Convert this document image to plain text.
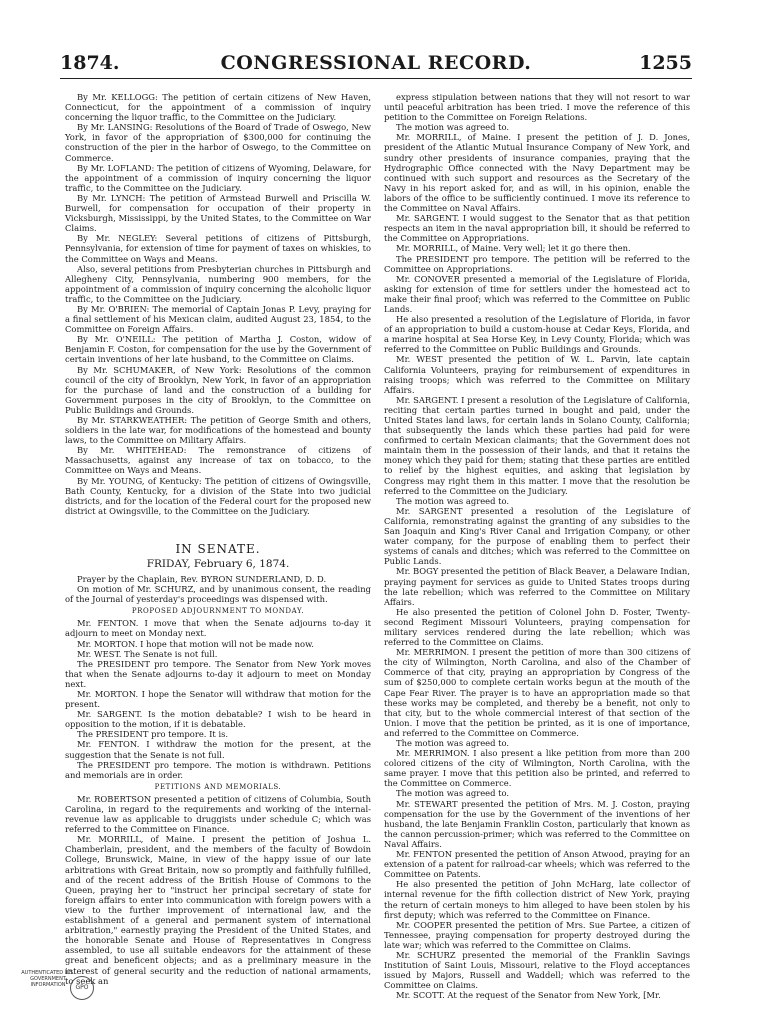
1874.	CONGRESSIONAL RECORD.	1255

By Mr. KELLOGG: The petition of certain citizens of New Haven, Connecticut, for the appointment of a commission of inquiry concerning the liquor traffic, to the Committee on the Judiciary.

By Mr. LANSING: Resolutions of the Board of Trade of Oswego, New York, in favor of the appropriation of $300,000 for continuing the construction of the pier in the harbor of Oswego, to the Committee on Commerce.

By Mr. LOFLAND: The petition of citizens of Wyoming, Delaware, for the appointment of a commission of inquiry concerning the liquor traffic, to the Committee on the Judiciary.

By Mr. LYNCH: The petition of Armstead Burwell and Priscilla W. Burwell, for compensation for occupation of their property in Vicksburgh, Mississippi, by the United States, to the Committee on War Claims.

By Mr. NEGLEY: Several petitions of citizens of Pittsburgh, Pennsylvania, for extension of time for payment of taxes on whiskies, to the Committee on Ways and Means.

Also, several petitions from Presbyterian churches in Pittsburgh and Allegheny City, Pennsylvania, numbering 900 members, for the appointment of a commission of inquiry concerning the alcoholic liquor traffic, to the Committee on the Judiciary.

By Mr. O'BRIEN: The memorial of Captain Jonas P. Levy, praying for a final settlement of his Mexican claim, audited August 23, 1854, to the Committee on Foreign Affairs.

By Mr. O'NEILL: The petition of Martha J. Coston, widow of Benjamin F. Coston, for compensation for the use by the Government of certain inventions of her late husband, to the Committee on Claims.

By Mr. SCHUMAKER, of New York: Resolutions of the common council of the city of Brooklyn, New York, in favor of an appropriation for the purchase of land and the construction of a building for Government purposes in the city of Brooklyn, to the Committee on Public Buildings and Grounds.

By Mr. STARKWEATHER: The petition of George Smith and others, soldiers in the late war, for modifications of the homestead and bounty laws, to the Committee on Military Affairs.

By Mr. WHITEHEAD: The remonstrance of citizens of Massachusetts, against any increase of tax on tobacco, to the Committee on Ways and Means.

By Mr. YOUNG, of Kentucky: The petition of citizens of Owingsville, Bath County, Kentucky, for a division of the State into two judicial districts, and for the location of the Federal court for the proposed new district at Owingsville, to the Committee on the Judiciary.

IN SENATE.

FRIDAY, February 6, 1874.

Prayer by the Chaplain, Rev. BYRON SUNDERLAND, D. D.

On motion of Mr. SCHURZ, and by unanimous consent, the reading of the Journal of yesterday's proceedings was dispensed with.

PROPOSED ADJOURNMENT TO MONDAY.

Mr. FENTON. I move that when the Senate adjourns to-day it adjourn to meet on Monday next.

Mr. MORTON. I hope that motion will not be made now.

Mr. WEST. The Senate is not full.

The PRESIDENT pro tempore. The Senator from New York moves that when the Senate adjourns to-day it adjourn to meet on Monday next.

Mr. MORTON. I hope the Senator will withdraw that motion for the present.

Mr. SARGENT. Is the motion debatable? I wish to be heard in opposition to the motion, if it is debatable.

The PRESIDENT pro tempore. It is.

Mr. FENTON. I withdraw the motion for the present, at the suggestion that the Senate is not full.

The PRESIDENT pro tempore. The motion is withdrawn. Petitions and memorials are in order.

PETITIONS AND MEMORIALS.

Mr. ROBERTSON presented a petition of citizens of Columbia, South Carolina, in regard to the requirements and working of the internal-revenue law as applicable to druggists under schedule C; which was referred to the Committee on Finance.

Mr. MORRILL, of Maine. I present the petition of Joshua L. Chamberlain, president, and the members of the faculty of Bowdoin College, Brunswick, Maine, in view of the happy issue of our late arbitrations with Great Britain, now so promptly and faithfully fulfilled, and of the recent address of the British House of Commons to the Queen, praying her to "instruct her principal secretary of state for foreign affairs to enter into communication with foreign powers with a view to the further improvement of international law, and the establishment of a general and permanent system of international arbitration," earnestly praying the President of the United States, and the honorable Senate and House of Representatives in Congress assembled, to use all suitable endeavors for the attainment of these great and beneficent objects; and as a preliminary measure in the interest of general security and the reduction of national armaments, to seek an

express stipulation between nations that they will not resort to war until peaceful arbitration has been tried. I move the reference of this petition to the Committee on Foreign Relations.

The motion was agreed to.

Mr. MORRILL, of Maine. I present the petition of J. D. Jones, president of the Atlantic Mutual Insurance Company of New York, and sundry other presidents of insurance companies, praying that the Hydrographic Office connected with the Navy Department may be continued with such support and resources as the Secretary of the Navy in his report asked for, and as will, in his opinion, enable the labors of the office to be sufficiently continued. I move its reference to the Committee on Naval Affairs.

Mr. SARGENT. I would suggest to the Senator that as that petition respects an item in the naval appropriation bill, it should be referred to the Committee on Appropriations.

Mr. MORRILL, of Maine. Very well; let it go there then.

The PRESIDENT pro tempore. The petition will be referred to the Committee on Appropriations.

Mr. CONOVER presented a memorial of the Legislature of Florida, asking for extension of time for settlers under the homestead act to make their final proof; which was referred to the Committee on Public Lands.

He also presented a resolution of the Legislature of Florida, in favor of an appropriation to build a custom-house at Cedar Keys, Florida, and a marine hospital at Sea Horse Key, in Levy County, Florida; which was referred to the Committee on Public Buildings and Grounds.

Mr. WEST presented the petition of W. L. Parvin, late captain California Volunteers, praying for reimbursement of expenditures in raising troops; which was referred to the Committee on Military Affairs.

Mr. SARGENT. I present a resolution of the Legislature of California, reciting that certain parties turned in bought and paid, under the United States land laws, for certain lands in Solano County, California; that subsequently the lands which these parties had paid for were confirmed to certain Mexican claimants; that the Government does not maintain them in the possession of their lands, and that it retains the money which they paid for them; stating that these parties are entitled to relief by the highest equities, and asking that legislation by Congress may right them in this matter. I move that the resolution be referred to the Committee on the Judiciary.

The motion was agreed to.

Mr. SARGENT presented a resolution of the Legislature of California, remonstrating against the granting of any subsidies to the San Joaquin and King's River Canal and Irrigation Company, or other water company, for the purpose of enabling them to perfect their systems of canals and ditches; which was referred to the Committee on Public Lands.

Mr. BOGY presented the petition of Black Beaver, a Delaware Indian, praying payment for services as guide to United States troops during the late rebellion; which was referred to the Committee on Military Affairs.

He also presented the petition of Colonel John D. Foster, Twenty-second Regiment Missouri Volunteers, praying compensation for military services rendered during the late rebellion; which was referred to the Committee on Claims.

Mr. MERRIMON. I present the petition of more than 300 citizens of the city of Wilmington, North Carolina, and also of the Chamber of Commerce of that city, praying an appropriation by Congress of the sum of $250,000 to complete certain works begun at the mouth of the Cape Fear River. The prayer is to have an appropriation made so that these works may be completed, and thereby be a benefit, not only to that city, but to the whole commercial interest of that section of the Union. I move that the petition be printed, as it is one of importance, and referred to the Committee on Commerce.

The motion was agreed to.

Mr. MERRIMON. I also present a like petition from more than 200 colored citizens of the city of Wilmington, North Carolina, with the same prayer. I move that this petition also be printed, and referred to the Committee on Commerce.

The motion was agreed to.

Mr. STEWART presented the petition of Mrs. M. J. Coston, praying compensation for the use by the Government of the inventions of her husband, the late Benjamin Franklin Coston, particularly that known as the cannon percussion-primer; which was referred to the Committee on Naval Affairs.

Mr. FENTON presented the petition of Anson Atwood, praying for an extension of a patent for railroad-car wheels; which was referred to the Committee on Patents.

He also presented the petition of John McHarg, late collector of internal revenue for the fifth collection district of New York, praying the return of certain moneys to him alleged to have been stolen by his first deputy; which was referred to the Committee on Finance.

Mr. COOPER presented the petition of Mrs. Sue Partee, a citizen of Tennessee, praying compensation for property destroyed during the late war; which was referred to the Committee on Claims.

Mr. SCHURZ presented the memorial of the Franklin Savings Institution of Saint Louis, Missouri, relative to the Floyd acceptances issued by Majors, Russell and Waddell; which was referred to the Committee on Claims.

Mr. SCOTT. At the request of the Senator from New York, [Mr.

AUTHENTICATED U.S. GOVERNMENT INFORMATION	GPO
